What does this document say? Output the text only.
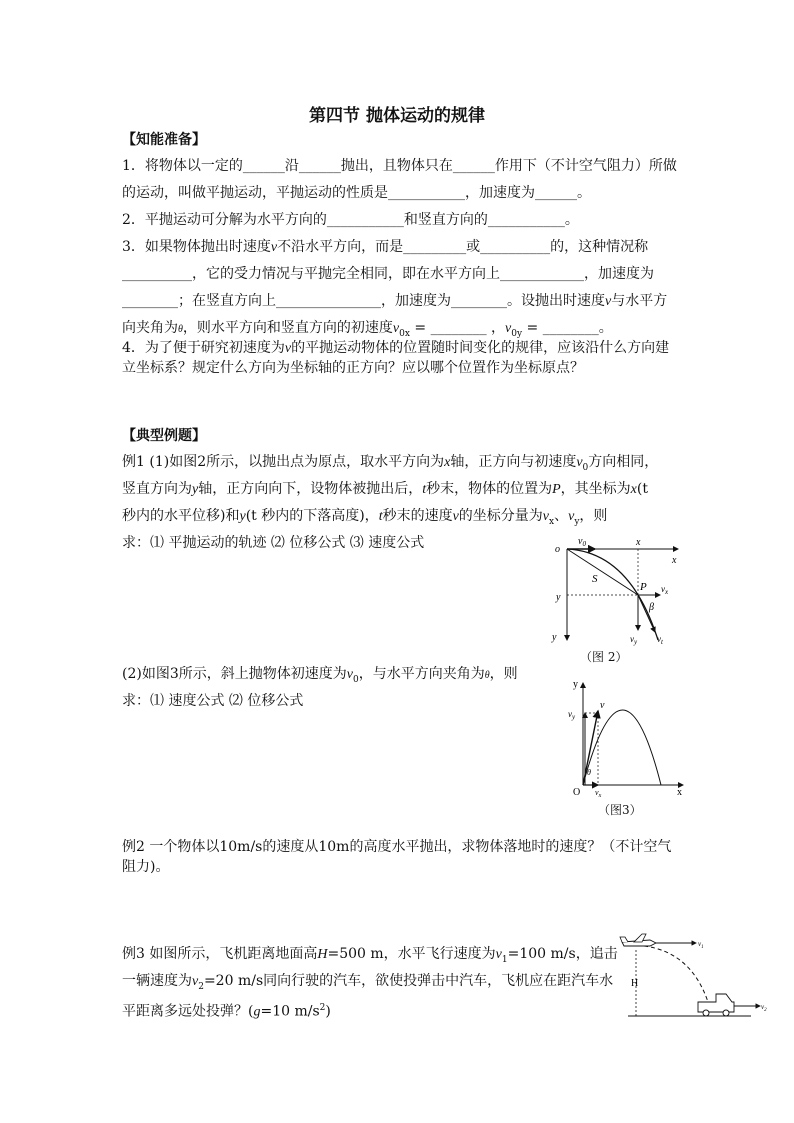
第四节 抛体运动的规律
【知能准备】
1．将物体以一定的______沿______抛出，且物体只在______作用下（不计空气阻力）所做
的运动，叫做平抛运动，平抛运动的性质是___________，加速度为______。
2．平抛运动可分解为水平方向的___________和竖直方向的___________。
3．如果物体抛出时速度v不沿水平方向，而是_________或__________的，这种情况称
__________，它的受力情况与平抛完全相同，即在水平方向上____________，加速度为
________；在竖直方向上_______________，加速度为________。设抛出时速度v与水平方
向夹角为θ，则水平方向和竖直方向的初速度$v_{0x}$ = ________ ，$v_{0y}$ = ________。
4．为了便于研究初速度为v的平抛运动物体的位置随时间变化的规律，应该沿什么方向建
立坐标系？规定什么方向为坐标轴的正方向？应以哪个位置作为坐标原点？
【典型例题】
例1 (1)如图2所示，以抛出点为原点，取水平方向为x轴，正方向与初速度$v_0$方向相同，
竖直方向为y轴，正方向向下，设物体被抛出后，t秒末，物体的位置为P，其坐标为x(t
秒内的水平位移)和y(t 秒内的下落高度)，t秒末的速度v的坐标分量为$v_x$、$v_y$，则
求：⑴ 平抛运动的轨迹 ⑵ 位移公式 ⑶ 速度公式
(2)如图3所示，斜上抛物体初速度为$v_0$，与水平方向夹角为θ，则
求：⑴ 速度公式 ⑵ 位移公式
例2 一个物体以10m/s的速度从10m的高度水平抛出，求物体落地时的速度？（不计空气
阻力)。
例3 如图所示，飞机距离地面高H=500 m，水平飞行速度为$v_1=100$ m/s，追击
一辆速度为$v_2=20$ m/s同向行驶的汽车，欲使投弹击中汽车，飞机应在距汽车水
平距离多远处投弹？(g=10 $m/s^2$)
o
$v_0$	x
x
S
P $v_x$
y
β
$v_y$ $v_t$
y
（图 2）
y
$v_y$
v
θ
$v_x$
O	x
（图3）
$v_1$
H
$v_2$
